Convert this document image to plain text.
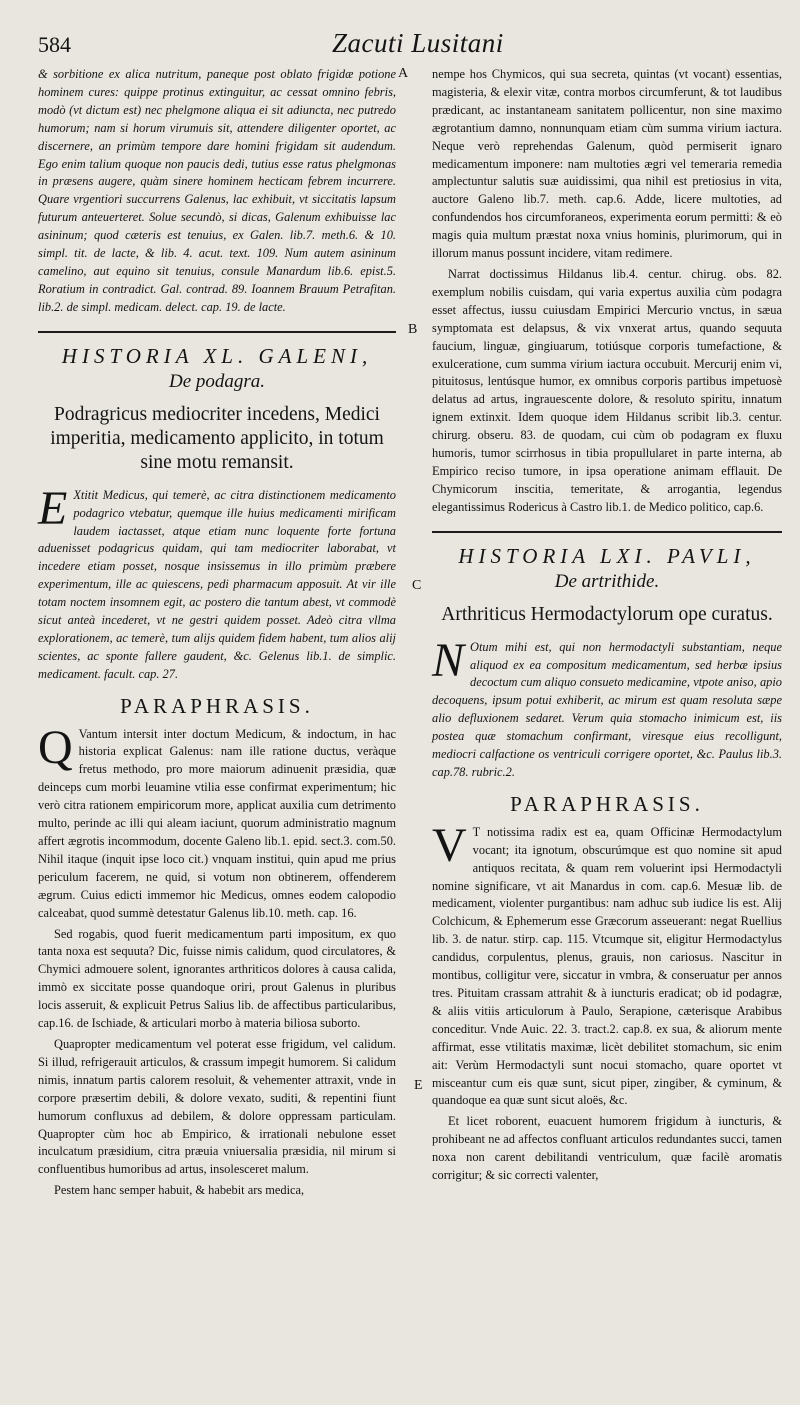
584	Zacuti Lusitani
A
B
C
E

& sorbitione ex alica nutritum, paneque post oblato frigidæ potione hominem cures: quippe protinus extinguitur, ac cessat omnino febris, modò (vt dictum est) nec phelgmone aliqua ei sit adiuncta, nec putredo humorum; nam si horum virumuis sit, attendere diligenter oportet, ac discernere, an primùm tempore dare homini frigidam sit audendum. Ego enim talium quoque non paucis dedi, tutius esse ratus phelgmonas in præsens augere, quàm sinere hominem hecticam febrem incurrere. Quare vrgentiori succurrens Galenus, lac exhibuit, vt siccitatis lapsum futurum anteuerteret. Solue secundò, si dicas, Galenum exhibuisse lac asininum; quod cæteris est tenuius, ex Galen. lib.7. meth.6. & 10. simpl. tit. de lacte, & lib. 4. acut. text. 109. Num autem asininum camelino, aut equino sit tenuius, consule Manardum lib.6. epist.5. Roratium in contradict. Gal. contrad. 89. Ioannem Brauum Petrafitan. lib.2. de simpl. medicam. delect. cap. 19. de lacte.

HISTORIA XL. GALENI,
De podagra.
Podragricus mediocriter incedens, Medici imperitia, medicamento applicito, in totum sine motu remansit.

E Xtitit Medicus, qui temerè, ac citra distinctionem medicamento podagrico vtebatur, quemque ille huius medicamenti mirificam laudem iactasset, atque etiam nunc loquente forte fortuna aduenisset podagricus quidam, qui tam mediocriter laborabat, vt incedere etiam posset, nosque insissemus in illo primùm præbere experimentum, ille ac quiescens, pedi pharmacum apposuit. At vir ille totam noctem insomnem egit, ac postero die tantum abest, vt commodè sicut anteà incederet, vt ne gestri quidem posset. Adeò citra vllma explorationem, ac temerè, tum alijs quidem fidem habent, tum alios alij scientes, ac sponte fallere gaudent, &c. Gelenus lib.1. de simplic. medicament. facult. cap. 27.

PARAPHRASIS.

Q Vantum intersit inter doctum Medicum, & indoctum, in hac historia explicat Galenus: nam ille ratione ductus, veràque fretus methodo, pro more maiorum adinuenit præsidia, quæ deinceps cum morbi leuamine vtilia esse confirmat experimentum; hic verò citra rationem empiricorum more, applicat auxilia cum detrimento multo, perinde ac illi qui aleam iaciunt, quorum administratio magnum affert ægrotis incommodum, docente Galeno lib.1. epid. sect.3. com.50. Nihil itaque (inquit ipse loco cit.) vnquam institui, quin apud me prius periculum facerem, ne quid, si votum non obtinerem, offenderem ægrum. Cuius edicti immemor hic Medicus, omnes eodem calopodio calceabat, quod summè detestatur Galenus lib.10. meth. cap. 16.

Sed rogabis, quod fuerit medicamentum parti impositum, ex quo tanta noxa est sequuta? Dic, fuisse nimis calidum, quod circulatores, & Chymici admouere solent, ignorantes arthriticos dolores à causa calida, immò ex siccitate posse quandoque oriri, prout Galenus in pluribus locis asseruit, & explicuit Petrus Salius lib. de affectibus particularibus, cap.16. de Ischiade, & articulari morbo à materia biliosa suborto.

Quapropter medicamentum vel poterat esse frigidum, vel calidum. Si illud, refrigerauit articulos, & crassum impegit humorem. Si calidum nimis, innatum partis calorem resoluit, & vehementer attraxit, vnde in corpore præsertim debili, & dolore vexato, suditi, & repentini fiunt humorum confluxus ad debilem, & dolore oppressam particulam. Quapropter cùm hoc ab Empirico, & irrationali nebulone esset inculcatum præsidium, citra præuia vniuersalia præsidia, nil mirum si confluentibus humoribus ad artus, insolesceret malum.

Pestem hanc semper habuit, & habebit ars medica,

nempe hos Chymicos, qui sua secreta, quintas (vt vocant) essentias, magisteria, & elexir vitæ, contra morbos circumferunt, & tot laudibus prædicant, ac instantaneam sanitatem pollicentur, non sine maximo ægrotantium damno, nonnunquam etiam cùm summa virium iactura. Neque verò reprehendas Galenum, quòd permiserit ignaro medicamentum imponere: nam multoties ægri vel temeraria remedia amplectuntur salutis suæ auidissimi, qua nihil est pretiosius in vita, auctore Galeno lib.7. meth. cap.6. Adde, licere multoties, ad confundendos hos circumforaneos, experimenta eorum permitti: & eò magis quia multum præstat noxa vnius hominis, plurimorum, qui in illorum manus possunt incidere, vitam redimere.

Narrat doctissimus Hildanus lib.4. centur. chirug. obs. 82. exemplum nobilis cuisdam, qui varia expertus auxilia cùm podagra esset affectus, iussu cuiusdam Empirici Mercurio vnctus, in sæua symptomata est delapsus, & vix vnxerat artus, quando sequuta faucium, linguæ, gingiuarum, totiúsque corporis tumefactione, & exulceratione, cum summa virium iactura occubuit. Mercurij enim vi, pituitosus, lentúsque humor, ex omnibus corporis partibus impetuosè delatus ad artus, ingrauescente dolore, & resoluto spiritu, innatum ignem extinxit. Idem quoque idem Hildanus scribit lib.3. centur. chirurg. obseru. 83. de quodam, cui cùm ob podagram ex fluxu humoris, tumor scirrhosus in tibia propullularet in parte interna, ab Empirico reciso tumore, in ipsa operatione animam efflauit. De Chymicorum inscitia, temeritate, & arrogantia, legendus elegantissimus Rodericus à Castro lib.1. de Medico politico, cap.6.

HISTORIA LXI. PAVLI,
De artrithide.
Arthriticus Hermodactylorum ope curatus.

N Otum mihi est, qui non hermodactyli substantiam, neque aliquod ex ea compositum medicamentum, sed herbæ ipsius decoctum cum aliquo consueto medicamine, vtpote aniso, apio decoquens, ipsum potui exhiberit, ac mirum est quam resoluta sæpe alio defluxionem sedaret. Verum quia stomacho inimicum est, iis postea quæ stomachum confirmant, viresque eius recolligunt, mediocri calfactione os ventriculi corrigere oportet, &c. Paulus lib.3. cap.78. rubric.2.

PARAPHRASIS.

V T notissima radix est ea, quam Officinæ Hermodactylum vocant; ita ignotum, obscurúmque est quo nomine sit apud antiquos recitata, & quam rem voluerint ipsi Hermodactyli nomine significare, vt ait Manardus in com. cap.6. Mesuæ lib. de medicament, violenter purgantibus: nam adhuc sub iudice lis est. Alij Colchicum, & Ephemerum esse Græcorum asseuerant: negat Ruellius lib. 3. de natur. stirp. cap. 115. Vtcumque sit, eligitur Hermodactylus candidus, corpulentus, plenus, grauis, non cariosus. Nascitur in montibus, colligitur vere, siccatur in vmbra, & conseruatur per annos tres. Pituitam crassam attrahit & à iuncturis eradicat; ob id podagræ, & aliis vitiis articulorum à Paulo, Serapione, cæterisque Arabibus conceditur. Vnde Auic. 22. 3. tract.2. cap.8. ex sua, & aliorum mente affirmat, esse vtilitatis maximæ, licèt debilitet stomachum, sic enim ait: Verùm Hermodactyli sunt nocui stomacho, quare oportet vt misceantur cum eis quæ sunt, sicut piper, zingiber, & cyminum, & quandoque ea quæ sunt sicut aloës, &c.

Et licet roborent, euacuent humorem frigidum à iuncturis, & prohibeant ne ad affectos confluant articulos redundantes succi, tamen noxa non carent debilitandi ventriculum, quæ facilè aromatis corrigitur; & sic correcti valenter,
